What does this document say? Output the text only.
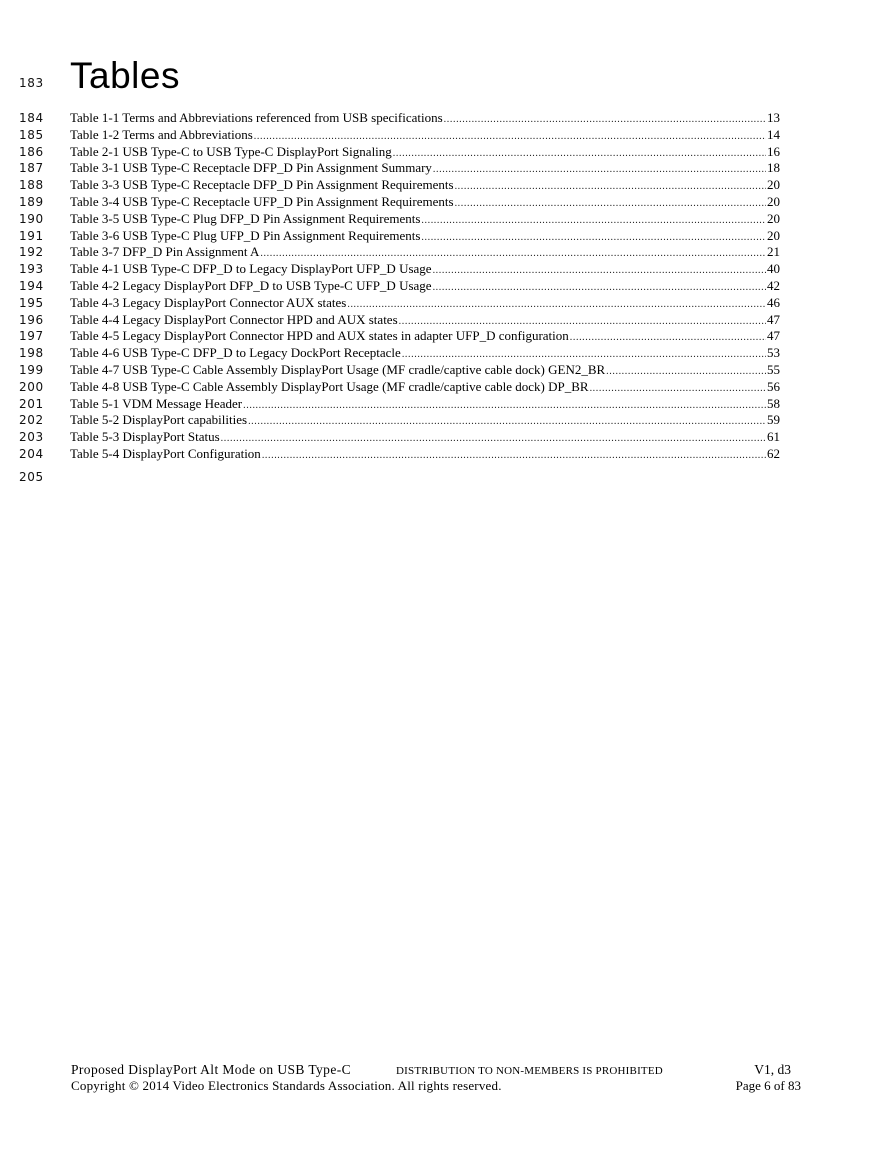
183 Tables
184
185
186
187
188
189
190
191
192
193
194
195
196
197
198
199
200
201
202
203
204
Table 1-1 Terms and Abbreviations referenced from USB specifications .....	13
Table 1-2 Terms and Abbreviations .....	14
Table 2-1 USB Type-C to USB Type-C DisplayPort Signaling .....	16
Table 3-1 USB Type-C Receptacle DFP_D Pin Assignment Summary .....	18
Table 3-3 USB Type-C Receptacle DFP_D Pin Assignment Requirements .....	20
Table 3-4 USB Type-C Receptacle UFP_D Pin Assignment Requirements .....	20
Table 3-5 USB Type-C Plug DFP_D Pin Assignment Requirements .....	20
Table 3-6 USB Type-C Plug UFP_D Pin Assignment Requirements .....	20
Table 3-7 DFP_D Pin Assignment A .....	21
Table 4-1 USB Type-C DFP_D to Legacy DisplayPort UFP_D Usage .....	40
Table 4-2 Legacy DisplayPort DFP_D to USB Type-C UFP_D Usage .....	42
Table 4-3 Legacy DisplayPort Connector AUX states .....	46
Table 4-4 Legacy DisplayPort Connector HPD and AUX states .....	47
Table 4-5 Legacy DisplayPort Connector HPD and AUX states in adapter UFP_D configuration .....	47
Table 4-6 USB Type-C DFP_D to Legacy DockPort Receptacle .....	53
Table 4-7 USB Type-C Cable Assembly DisplayPort Usage (MF cradle/captive cable dock) GEN2_BR .....	55
Table 4-8 USB Type-C Cable Assembly DisplayPort Usage (MF cradle/captive cable dock) DP_BR .....	56
Table 5-1 VDM Message Header .....	58
Table 5-2 DisplayPort capabilities .....	59
Table 5-3 DisplayPort Status .....	61
Table 5-4 DisplayPort Configuration .....	62
205
Proposed DisplayPort Alt Mode on USB Type-C	DISTRIBUTION TO NON-MEMBERS IS PROHIBITED	V1, d3
Copyright © 2014 Video Electronics Standards Association. All rights reserved.	Page 6 of 83
